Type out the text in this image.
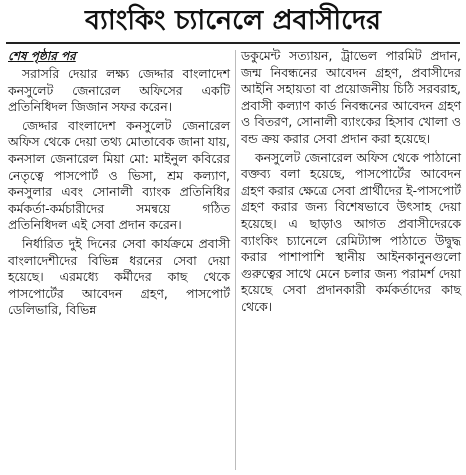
ব্যাংকিং চ্যানেলে প্রবাসীদের

শেষ পৃষ্ঠার পর

সরাসরি দেয়ার লক্ষ্য জেদ্দার বাংলাদেশ কনসুলেট জেনারেল অফিসের একটি প্রতিনিধিদল জিজান সফর করেন।

জেদ্দার বাংলাদেশ কনসুলেট জেনারেল অফিস থেকে দেয়া তথ্য মোতাবেক জানা যায়, কনসাল জেনারেল মিয়া মো: মাইনুল কবিরের নেতৃত্বে পাসপোর্ট ও ভিসা, শ্রম কল্যাণ, কনসুলার এবং সোনালী ব্যাংক প্রতিনিধির কর্মকর্তা-কর্মচারীদের সমন্বয়ে গঠিত প্রতিনিধিদল এই সেবা প্রদান করেন।

নির্ধারিত দুই দিনের সেবা কার্যক্রমে প্রবাসী বাংলাদেশীদের বিভিন্ন ধরনের সেবা দেয়া হয়েছে। এরমধ্যে কর্মীদের কাছ থেকে পাসপোর্টের আবেদন গ্রহণ, পাসপোর্ট ডেলিভারি, বিভিন্ন

ডকুমেন্ট সত্যায়ন, ট্রাভেল পারমিট প্রদান, জন্ম নিবন্ধনের আবেদন গ্রহণ, প্রবাসীদের আইনি সহায়তা বা প্রয়োজনীয় চিঠি সরবরাহ, প্রবাসী কল্যাণ কার্ড নিবন্ধনের আবেদন গ্রহণ ও বিতরণ, সোনালী ব্যাংকের হিসাব খোলা ও বন্ড ক্রয় করার সেবা প্রদান করা হয়েছে।

কনসুলেট জেনারেল অফিস থেকে পাঠানো বক্তব্য বলা হয়েছে, পাসপোর্টের আবেদন গ্রহণ করার ক্ষেত্রে সেবা প্রার্থীদের ই-পাসপোর্ট গ্রহণ করার জন্য বিশেষভাবে উৎসাহ দেয়া হয়েছে। এ ছাড়াও আগত প্রবাসীদেরকে ব্যাংকিং চ্যানেলে রেমিট্যান্স পাঠাতে উদ্বুদ্ধ করার পাশাপাশি স্থানীয় আইনকানুনগুলো গুরুত্বের সাথে মেনে চলার জন্য পরামর্শ দেয়া হয়েছে সেবা প্রদানকারী কর্মকর্তাদের কাছ থেকে।
